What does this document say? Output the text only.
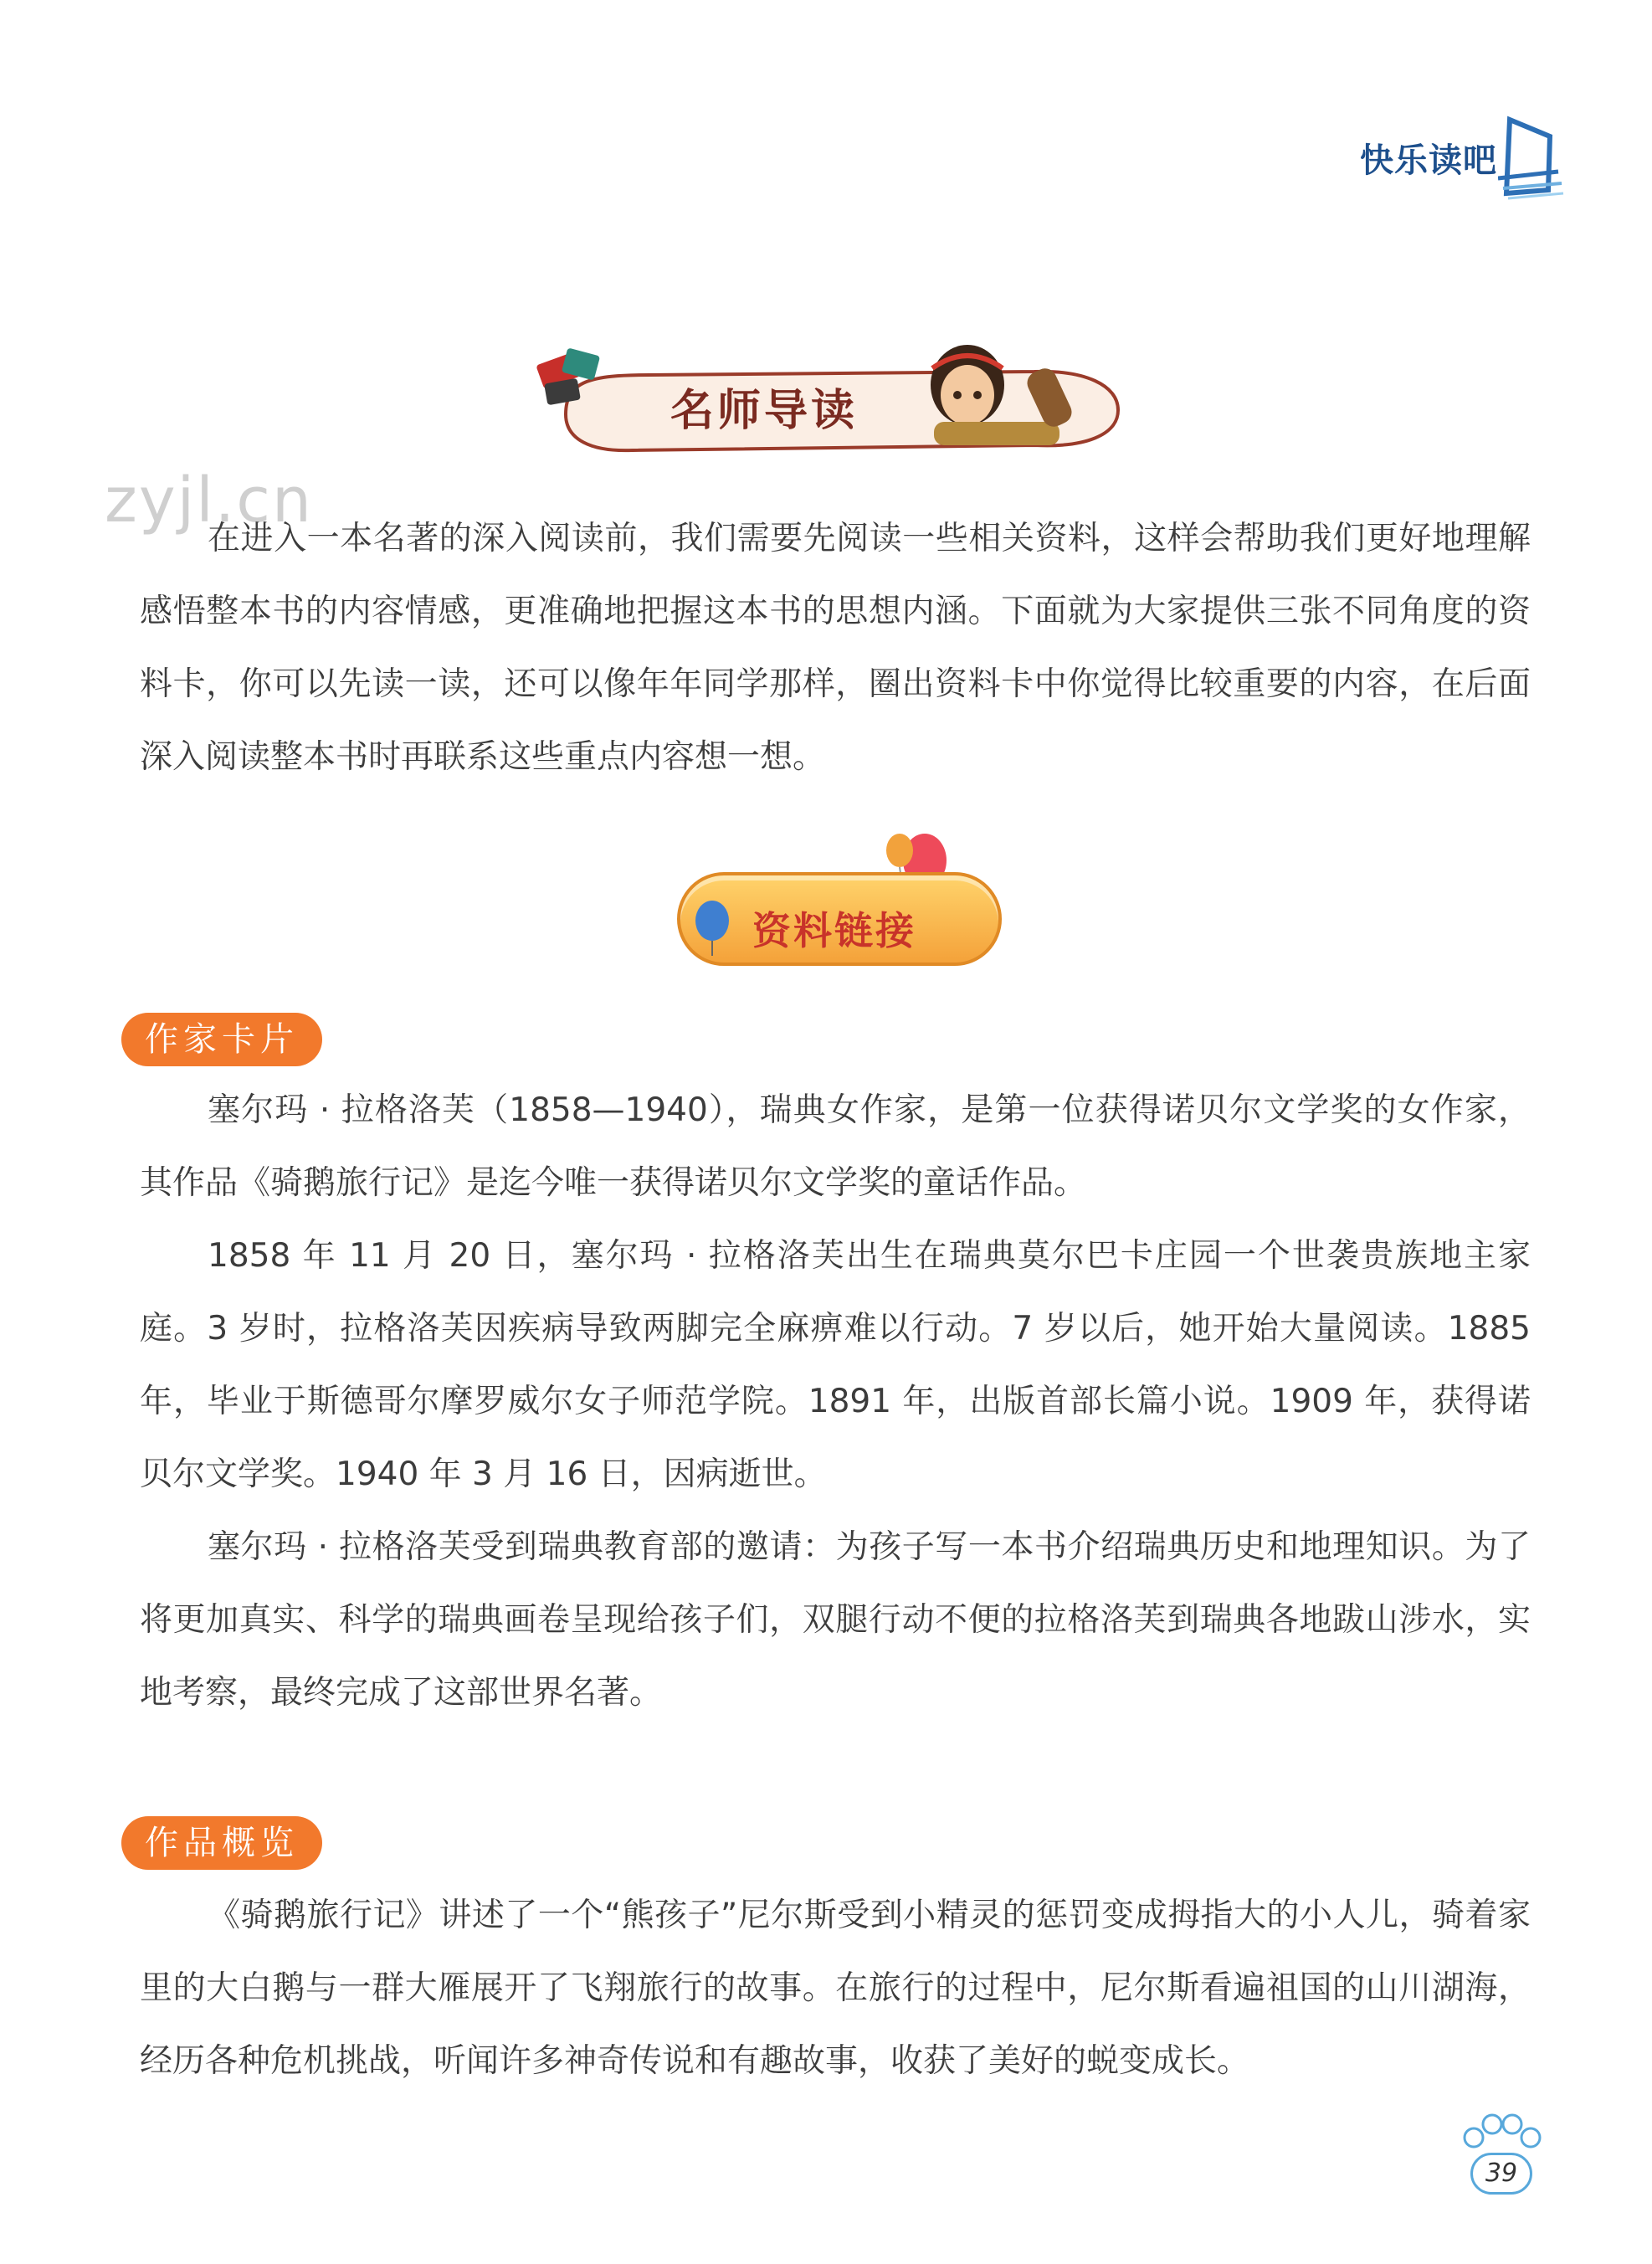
快乐读吧
zyjl.cn
名师导读
在进入一本名著的深入阅读前，我们需要先阅读一些相关资料，这样会帮助我们更好地理解感悟整本书的内容情感，更准确地把握这本书的思想内涵。下面就为大家提供三张不同角度的资料卡，你可以先读一读，还可以像年年同学那样，圈出资料卡中你觉得比较重要的内容，在后面深入阅读整本书时再联系这些重点内容想一想。
资料链接
作家卡片
塞尔玛 · 拉格洛芙（1858—1940），瑞典女作家，是第一位获得诺贝尔文学奖的女作家，其作品《骑鹅旅行记》是迄今唯一获得诺贝尔文学奖的童话作品。
1858 年 11 月 20 日，塞尔玛 · 拉格洛芙出生在瑞典莫尔巴卡庄园一个世袭贵族地主家庭。3 岁时，拉格洛芙因疾病导致两脚完全麻痹难以行动。7 岁以后，她开始大量阅读。1885 年，毕业于斯德哥尔摩罗威尔女子师范学院。1891 年，出版首部长篇小说。1909 年，获得诺贝尔文学奖。1940 年 3 月 16 日，因病逝世。
塞尔玛 · 拉格洛芙受到瑞典教育部的邀请：为孩子写一本书介绍瑞典历史和地理知识。为了将更加真实、科学的瑞典画卷呈现给孩子们，双腿行动不便的拉格洛芙到瑞典各地跋山涉水，实地考察，最终完成了这部世界名著。
作品概览
《骑鹅旅行记》讲述了一个“熊孩子”尼尔斯受到小精灵的惩罚变成拇指大的小人儿，骑着家里的大白鹅与一群大雁展开了飞翔旅行的故事。在旅行的过程中，尼尔斯看遍祖国的山川湖海，经历各种危机挑战，听闻许多神奇传说和有趣故事，收获了美好的蜕变成长。
39
